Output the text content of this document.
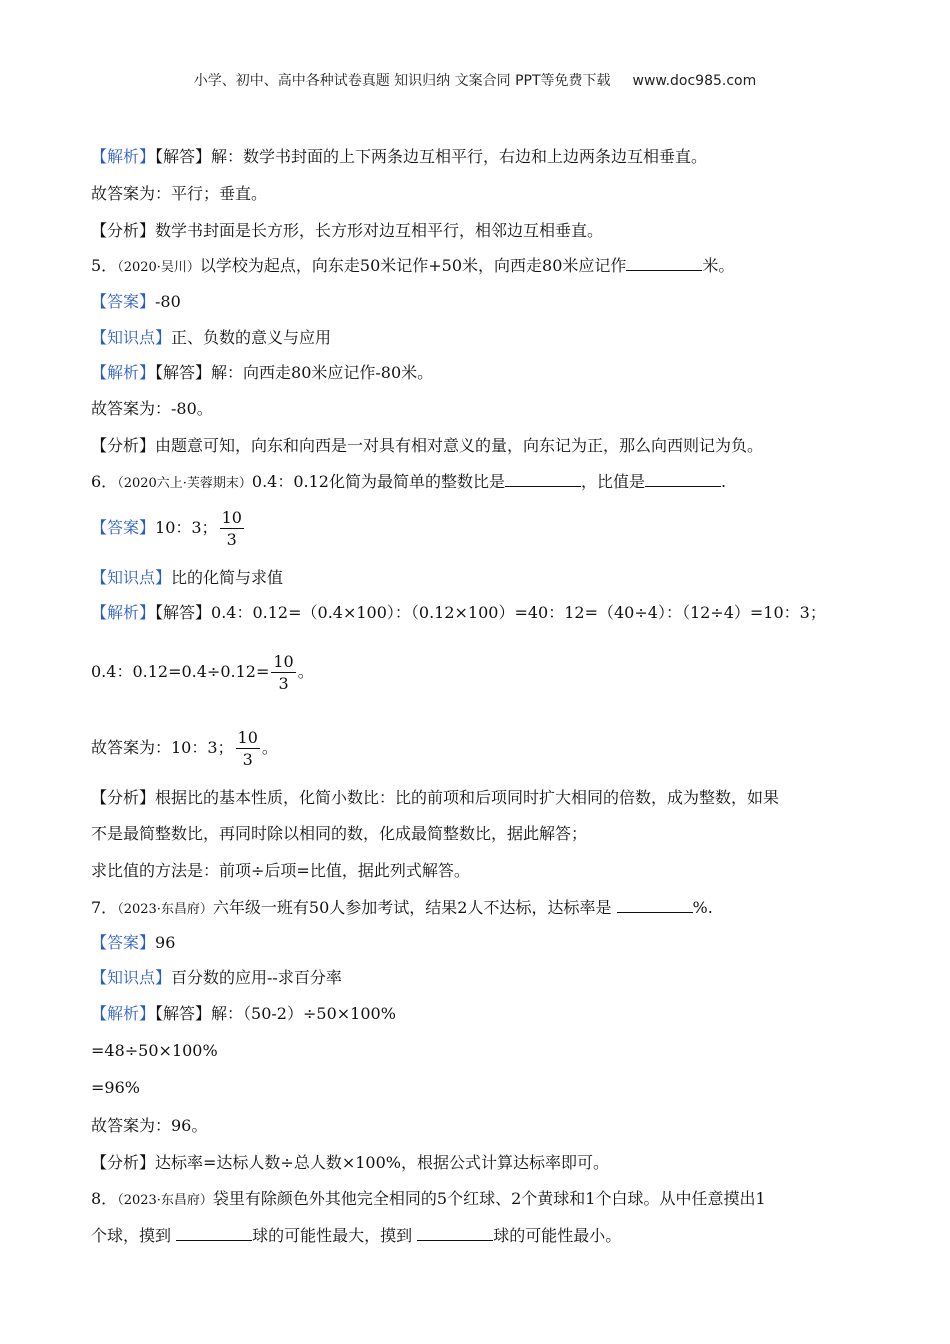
小学、初中、高中各种试卷真题 知识归纳 文案合同 PPT等免费下载 www.doc985.com
【解析】【解答】解：数学书封面的上下两条边互相平行，右边和上边两条边互相垂直。
故答案为：平行；垂直。
【分析】数学书封面是长方形，长方形对边互相平行，相邻边互相垂直。
5．（2020·吴川）以学校为起点，向东走50米记作+50米，向西走80米应记作	米。
【答案】-80
【知识点】正、负数的意义与应用
【解析】【解答】解：向西走80米应记作-80米。
故答案为：-80。
【分析】由题意可知，向东和向西是一对具有相对意义的量，向东记为正，那么向西则记为负。
6．（2020六上·芙蓉期末）0.4：0.12化简为最简单的整数比是	，比值是	.
【答案】10：3； $\frac{10}{3}$
【知识点】比的化简与求值
【解析】【解答】0.4：0.12=（0.4×100）：（0.12×100）=40：12=（40÷4）：（12÷4）=10：3；
0.4：$0.12=0.4\div 0.12= \frac{10}{3}$ 。
故答案为：10：3； $\frac{10}{3}$ 。
【分析】根据比的基本性质，化简小数比：比的前项和后项同时扩大相同的倍数，成为整数，如果
不是最简整数比，再同时除以相同的数，化成最简整数比，据此解答；
求比值的方法是：前项÷后项=比值，据此列式解答。
7．（2023·东昌府）六年级一班有50人参加考试，结果2人不达标，达标率是	%.
【答案】96
【知识点】百分数的应用--求百分率
【解析】【解答】解：（50-2）÷50×100%
=48÷50×100%
=96%
故答案为：96。
【分析】达标率=达标人数÷总人数×100%，根据公式计算达标率即可。
8．（2023·东昌府）袋里有除颜色外其他完全相同的5个红球、2个黄球和1个白球。从中任意摸出1
个球，摸到	球的可能性最大，摸到	球的可能性最小。
